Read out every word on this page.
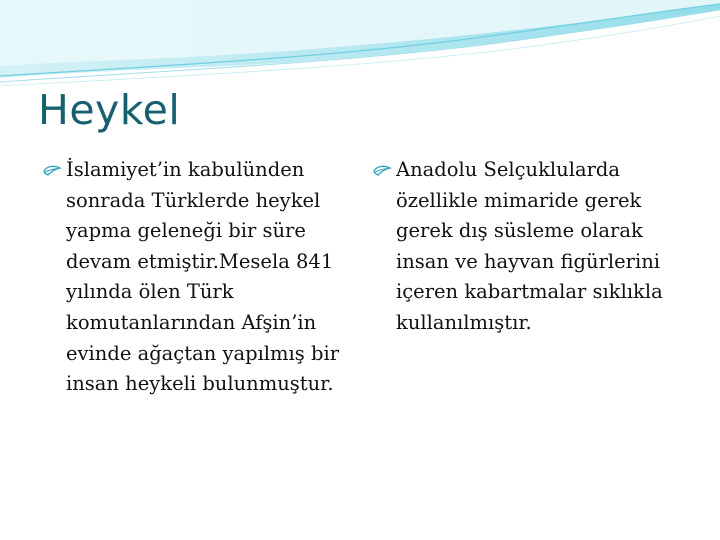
Heykel

İslamiyet’in kabulünden sonrada Türklerde heykel yapma geleneği bir süre devam etmiştir.Mesela 841 yılında ölen Türk komutanlarından Afşin’in evinde ağaçtan yapılmış bir insan heykeli bulunmuştur.

Anadolu Selçuklularda özellikle mimaride gerek gerek dış süsleme olarak insan ve hayvan figürlerini içeren kabartmalar sıklıkla kullanılmıştır.
